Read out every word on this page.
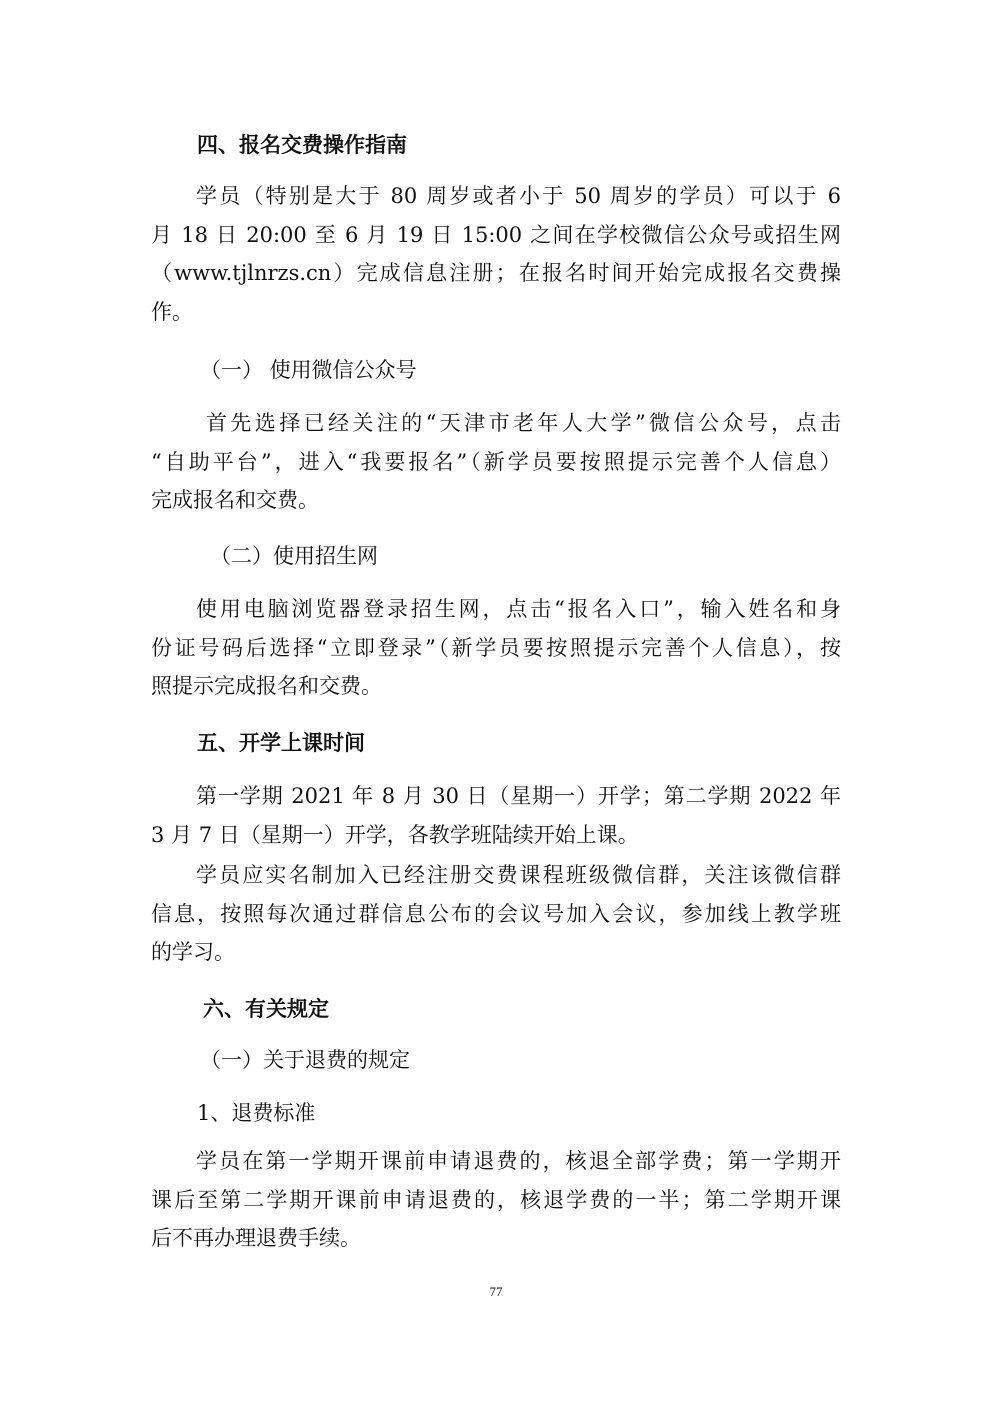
四、报名交费操作指南
学员（特别是大于 80 周岁或者小于 50 周岁的学员）可以于 6
月 18 日 20:00 至 6 月 19 日 15:00 之间在学校微信公众号或招生网
（www.tjlnrzs.cn）完成信息注册；在报名时间开始完成报名交费操
作。
（一） 使用微信公众号
首先选择已经关注的“天津市老年人大学”微信公众号，点击
“自助平台”，进入“我要报名”（新学员要按照提示完善个人信息）
完成报名和交费。
（二）使用招生网
使用电脑浏览器登录招生网，点击“报名入口”，输入姓名和身
份证号码后选择“立即登录”（新学员要按照提示完善个人信息），按
照提示完成报名和交费。
五、开学上课时间
第一学期 2021 年 8 月 30 日（星期一）开学；第二学期 2022 年
3 月 7 日（星期一）开学，各教学班陆续开始上课。
学员应实名制加入已经注册交费课程班级微信群，关注该微信群
信息，按照每次通过群信息公布的会议号加入会议，参加线上教学班
的学习。
六、有关规定
（一）关于退费的规定
1、退费标准
学员在第一学期开课前申请退费的，核退全部学费；第一学期开
课后至第二学期开课前申请退费的，核退学费的一半；第二学期开课
后不再办理退费手续。
77
